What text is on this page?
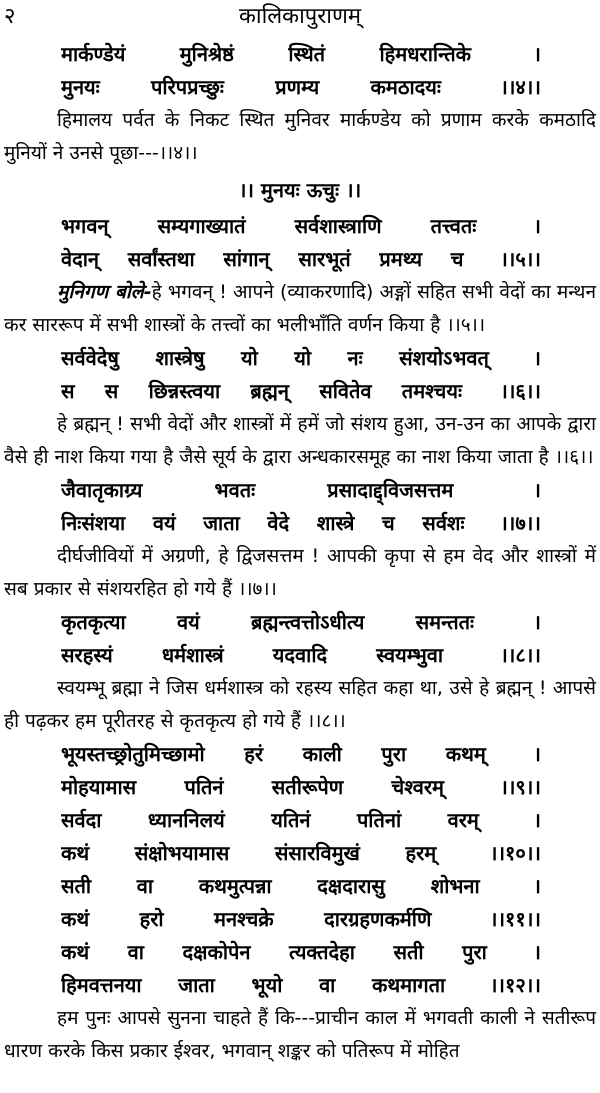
२	कालिकापुराणम्
मार्कण्डेयं	मुनिश्रेष्ठं	स्थितं	हिमधरान्तिके	।
मुनयः	परिपप्रच्छुः	प्रणम्य	कमठादयः	।।४।।

हिमालय पर्वत के निकट स्थित मुनिवर मार्कण्डेय को प्रणाम करके कमठादि मुनियों ने उनसे पूछा---।।४।।

।। मुनयः ऊचुः ।।
भगवन् सम्यगाख्यातं सर्वशास्त्राणि तत्त्वतः	।
वेदान् सर्वांस्तथा सांगान् सारभूतं प्रमथ्य च ।।५।।

मुनिगण बोले-हे भगवन् ! आपने (व्याकरणादि) अङ्गों सहित सभी वेदों का मन्थन कर साररूप में सभी शास्त्रों के तत्त्वों का भलीभाँति वर्णन किया है ।।५।।

सर्ववेदेषु शास्त्रेषु यो यो नः संशयोऽभवत् ।
स स छिन्नस्त्वया ब्रह्मन् सवितेव तमश्चयः ।।६।।

हे ब्रह्मन् ! सभी वेदों और शास्त्रों में हमें जो संशय हुआ, उन-उन का आपके द्वारा वैसे ही नाश किया गया है जैसे सूर्य के द्वारा अन्धकारसमूह का नाश किया जाता है ।।६।।

जैवातृकाग्र्य	भवतः	प्रसादाद्द्विजसत्तम	।
निःसंशया वयं जाता वेदे शास्त्रे च सर्वशः ।।७।।

दीर्घजीवियों में अग्रणी, हे द्विजसत्तम ! आपकी कृपा से हम वेद और शास्त्रों में सब प्रकार से संशयरहित हो गये हैं ।।७।।

कृतकृत्या	वयं	ब्रह्मन्त्वत्तोऽधीत्य	समन्ततः	।
सरहस्यं धर्मशास्त्रं यदवादि स्वयम्भुवा	।।८।।

स्वयम्भू ब्रह्मा ने जिस धर्मशास्त्र को रहस्य सहित कहा था, उसे हे ब्रह्मन् ! आपसे ही पढ़कर हम पूरीतरह से कृतकृत्य हो गये हैं ।।८।।

भूयस्तच्छ्रोतुमिच्छामो हरं काली पुरा कथम् ।
मोहयामास पतिनं सतीरूपेण चेश्वरम्	।।९।।
सर्वदा ध्याननिलयं यतिनं पतिनां वरम्	।
कथं संक्षोभयामास संसारविमुखं हरम्	।।१०।।
सती वा कथमुत्पन्ना दक्षदारासु शोभना	।
कथं	हरो	मनश्चक्रे	दारग्रहणकर्मणि	।।११।।
कथं वा दक्षकोपेन त्यक्तदेहा सती पुरा ।
हिमवत्तनया जाता भूयो वा कथमागता ।।१२।।

हम पुनः आपसे सुनना चाहते हैं कि---प्राचीन काल में भगवती काली ने सतीरूप धारण करके किस प्रकार ईश्वर, भगवान् शङ्कर को पतिरूप में मोहित
